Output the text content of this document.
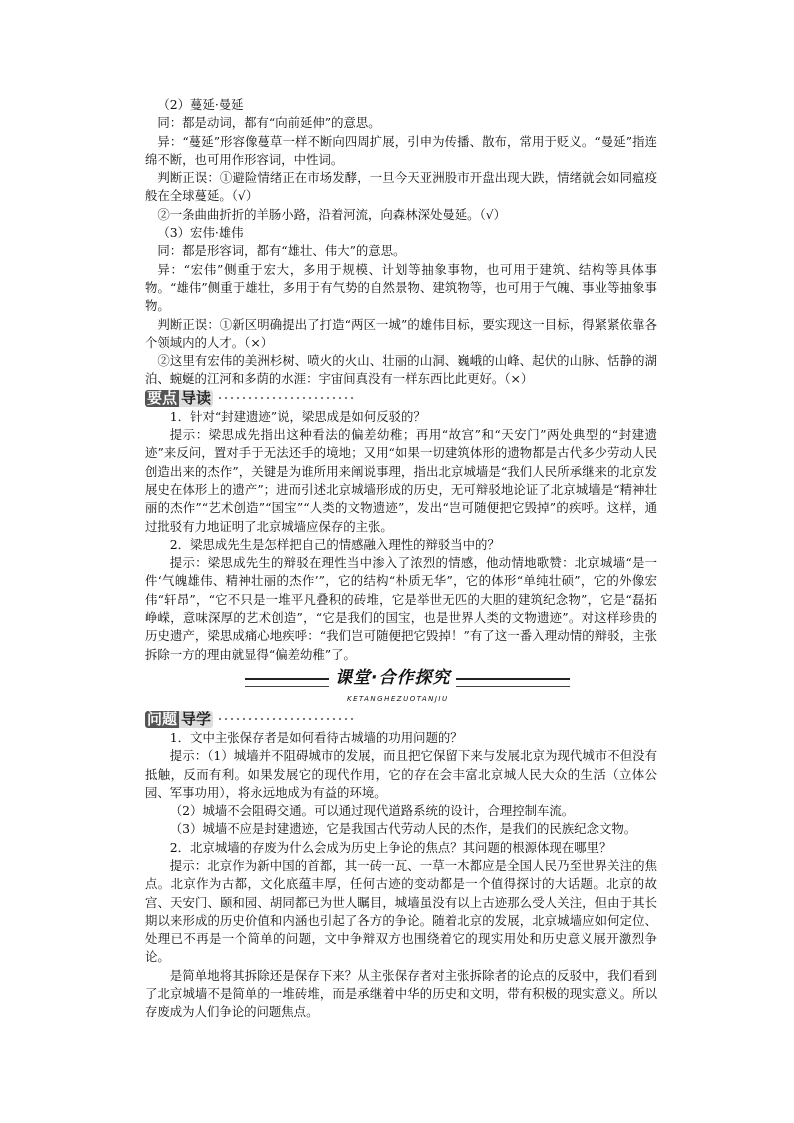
（2）蔓延·曼延

同：都是动词，都有“向前延伸”的意思。

异：“蔓延”形容像蔓草一样不断向四周扩展，引申为传播、散布，常用于贬义。“曼延”指连绵不断，也可用作形容词，中性词。

判断正误：①避险情绪正在市场发酵，一旦今天亚洲股市开盘出现大跌，情绪就会如同瘟疫般在全球蔓延。（√）

②一条曲曲折折的羊肠小路，沿着河流，向森林深处曼延。（√）

（3）宏伟·雄伟

同：都是形容词，都有“雄壮、伟大”的意思。

异：“宏伟”侧重于宏大，多用于规模、计划等抽象事物，也可用于建筑、结构等具体事物。“雄伟”侧重于雄壮，多用于有气势的自然景物、建筑物等，也可用于气魄、事业等抽象事物。

判断正误：①新区明确提出了打造“两区一城”的雄伟目标，要实现这一目标，得紧紧依靠各个领域内的人才。（×）

②这里有宏伟的美洲杉树、喷火的火山、壮丽的山洞、巍峨的山峰、起伏的山脉、恬静的湖泊、蜿蜒的江河和多荫的水涯：宇宙间真没有一样东西比此更好。（×）

要点 导读

1．针对“封建遗迹”说，梁思成是如何反驳的？

提示：梁思成先指出这种看法的偏差幼稚；再用“故宫”和“天安门”两处典型的“封建遗迹”来反问，置对手于无法还手的境地；又用“如果一切建筑体形的遗物都是古代多少劳动人民创造出来的杰作”，关键是为谁所用来阐说事理，指出北京城墙是“我们人民所承继来的北京发展史在体形上的遗产”；进而引述北京城墙形成的历史，无可辩驳地论证了北京城墙是“精神壮丽的杰作”“艺术创造”“国宝”“人类的文物遗迹”，发出“岂可随便把它毁掉”的疾呼。这样，通过批驳有力地证明了北京城墙应保存的主张。

2．梁思成先生是怎样把自己的情感融入理性的辩驳当中的？

提示：梁思成先生的辩驳在理性当中渗入了浓烈的情感，他动情地歌赞：北京城墙“是一件‘气魄雄伟、精神壮丽的杰作’”，它的结构“朴质无华”，它的体形“单纯壮硕”，它的外像宏伟“轩昂”，“它不只是一堆平凡叠积的砖堆，它是举世无匹的大胆的建筑纪念物”，它是“磊拓峥嵘，意味深厚的艺术创造”，“它是我们的国宝，也是世界人类的文物遗迹”。对这样珍贵的历史遗产，梁思成痛心地疾呼：“我们岂可随便把它毁掉！”有了这一番入理动情的辩驳，主张拆除一方的理由就显得“偏差幼稚”了。

课堂·合作探究
KETANGHEZUOTANJIU
问题 导学

1．文中主张保存者是如何看待古城墙的功用问题的？

提示：（1）城墙并不阻碍城市的发展，而且把它保留下来与发展北京为现代城市不但没有抵触，反而有利。如果发展它的现代作用，它的存在会丰富北京城人民大众的生活（立体公园、军事功用），将永远地成为有益的环境。

（2）城墙不会阻碍交通。可以通过现代道路系统的设计，合理控制车流。

（3）城墙不应是封建遗迹，它是我国古代劳动人民的杰作，是我们的民族纪念文物。

2．北京城墙的存废为什么会成为历史上争论的焦点？其问题的根源体现在哪里？

提示：北京作为新中国的首都，其一砖一瓦、一草一木都应是全国人民乃至世界关注的焦点。北京作为古都，文化底蕴丰厚，任何古迹的变动都是一个值得探讨的大话题。北京的故宫、天安门、颐和园、胡同都已为世人瞩目，城墙虽没有以上古迹那么受人关注，但由于其长期以来形成的历史价值和内涵也引起了各方的争论。随着北京的发展，北京城墙应如何定位、处理已不再是一个简单的问题，文中争辩双方也围绕着它的现实用处和历史意义展开激烈争论。

是简单地将其拆除还是保存下来？从主张保存者对主张拆除者的论点的反驳中，我们看到了北京城墙不是简单的一堆砖堆，而是承继着中华的历史和文明，带有积极的现实意义。所以存废成为人们争论的问题焦点。
